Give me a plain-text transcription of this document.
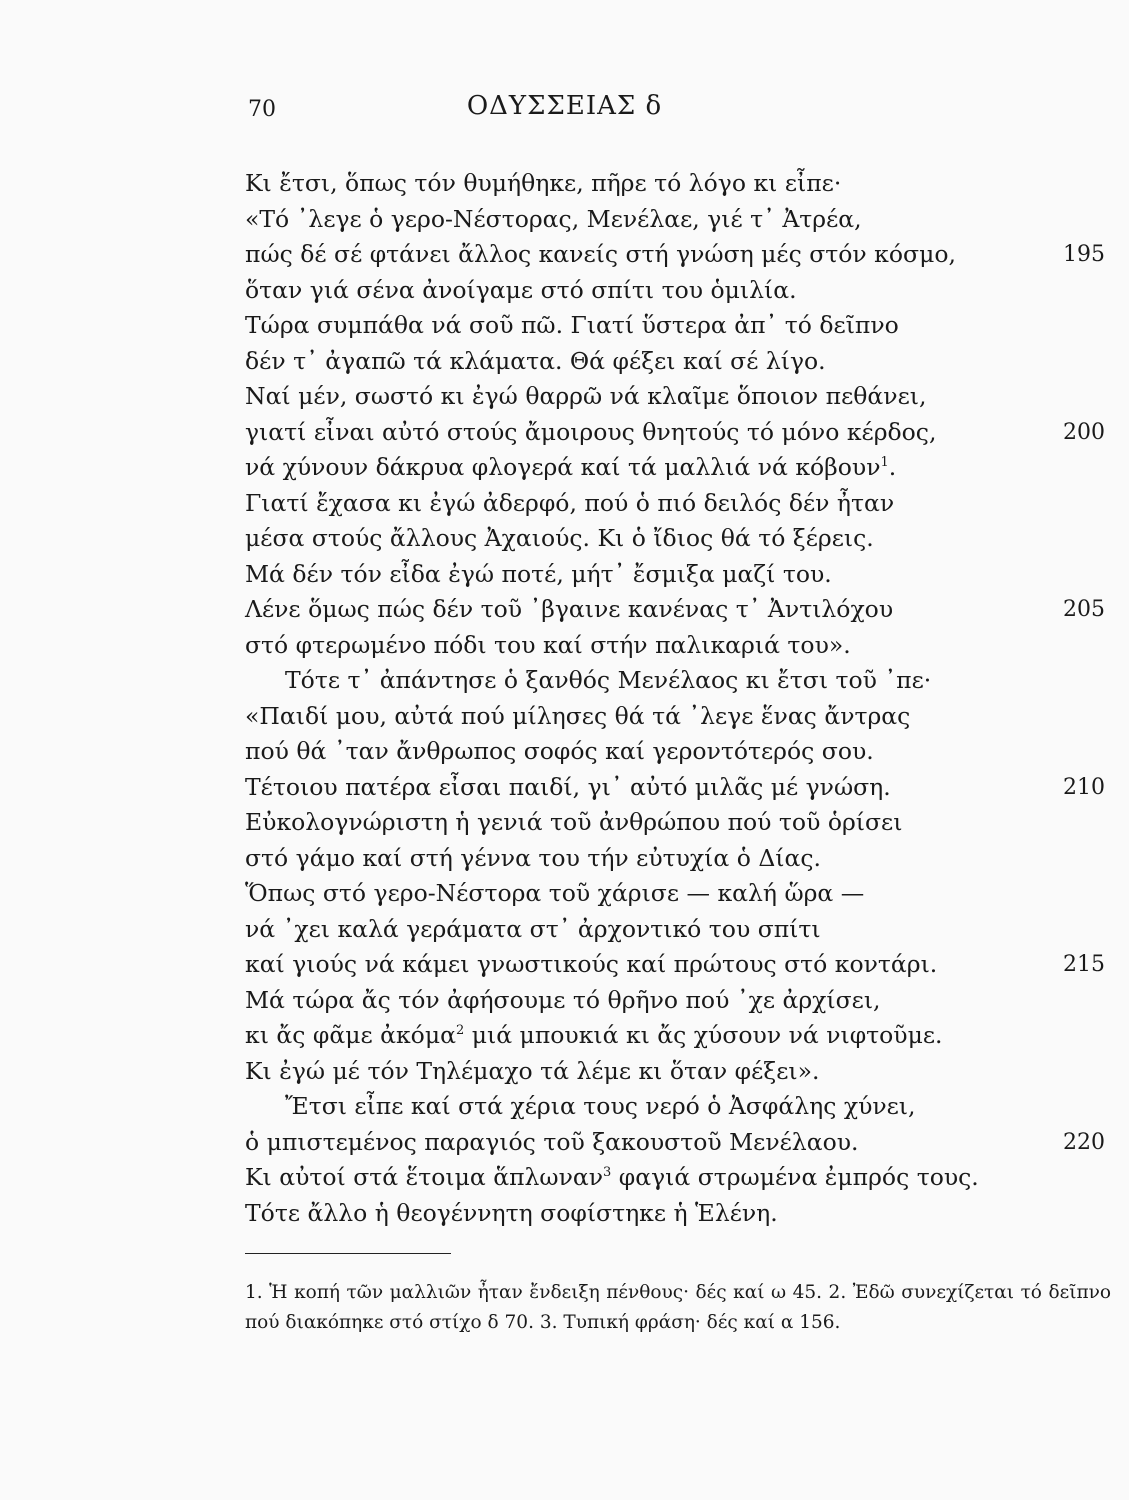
70	ΟΔΥΣΣΕΙΑΣ δ
Κι ἔτσι, ὅπως τόν θυμήθηκε, πῆρε τό λόγο κι εἶπε·
«Τό ᾽λεγε ὁ γερο-Νέστορας, Μενέλαε, γιέ τ᾽ Ἀτρέα,
πώς δέ σέ φτάνει ἄλλος κανείς στή γνώση μές στόν κόσμο,	195
ὅταν γιά σένα ἀνοίγαμε στό σπίτι του ὁμιλία.
Τώρα συμπάθα νά σοῦ πῶ. Γιατί ὕστερα ἀπ᾽ τό δεῖπνο
δέν τ᾽ ἀγαπῶ τά κλάματα. Θά φέξει καί σέ λίγο.
Ναί μέν, σωστό κι ἐγώ θαρρῶ νά κλαῖμε ὅποιον πεθάνει,
γιατί εἶναι αὐτό στούς ἄμοιρους θνητούς τό μόνο κέρδος,	200
νά χύνουν δάκρυα φλογερά καί τά μαλλιά νά κόβουν$^1$.
Γιατί ἔχασα κι ἐγώ ἀδερφό, πού ὁ πιό δειλός δέν ἦταν
μέσα στούς ἄλλους Ἀχαιούς. Κι ὁ ἴδιος θά τό ξέρεις.
Μά δέν τόν εἶδα ἐγώ ποτέ, μήτ᾽ ἔσμιξα μαζί του.
Λένε ὅμως πώς δέν τοῦ ᾽βγαινε κανένας τ᾽ Ἀντιλόχου	205
στό φτερωμένο πόδι του καί στήν παλικαριά του».
Τότε τ᾽ ἀπάντησε ὁ ξανθός Μενέλαος κι ἔτσι τοῦ ᾽πε·
«Παιδί μου, αὐτά πού μίλησες θά τά ᾽λεγε ἕνας ἄντρας
πού θά ᾽ταν ἄνθρωπος σοφός καί γεροντότερός σου.
Τέτοιου πατέρα εἶσαι παιδί, γι᾽ αὐτό μιλᾶς μέ γνώση.	210
Εὐκολογνώριστη ἡ γενιά τοῦ ἀνθρώπου πού τοῦ ὁρίσει
στό γάμο καί στή γέννα του τήν εὐτυχία ὁ Δίας.
Ὅπως στό γερο-Νέστορα τοῦ χάρισε — καλή ὥρα —
νά ᾽χει καλά γεράματα στ᾽ ἀρχοντικό του σπίτι
καί γιούς νά κάμει γνωστικούς καί πρώτους στό κοντάρι.	215
Μά τώρα ἄς τόν ἀφήσουμε τό θρῆνο πού ᾽χε ἀρχίσει,
κι ἄς φᾶμε ἀκόμα$^2$ μιά μπουκιά κι ἄς χύσουν νά νιφτοῦμε.
Κι ἐγώ μέ τόν Τηλέμαχο τά λέμε κι ὅταν φέξει».
Ἔτσι εἶπε καί στά χέρια τους νερό ὁ Ἀσφάλης χύνει,
ὁ μπιστεμένος παραγιός τοῦ ξακουστοῦ Μενέλαου.	220
Κι αὐτοί στά ἕτοιμα ἅπλωναν$^3$ φαγιά στρωμένα ἐμπρός τους.
Τότε ἄλλο ἡ θεογέννητη σοφίστηκε ἡ Ἑλένη.
1. Ἡ κοπή τῶν μαλλιῶν ἦταν ἔνδειξη πένθους· δές καί ω 45. 2. Ἐδῶ συνεχίζεται τό δεῖπνο πού διακόπηκε στό στίχο δ 70. 3. Τυπική φράση· δές καί α 156.
